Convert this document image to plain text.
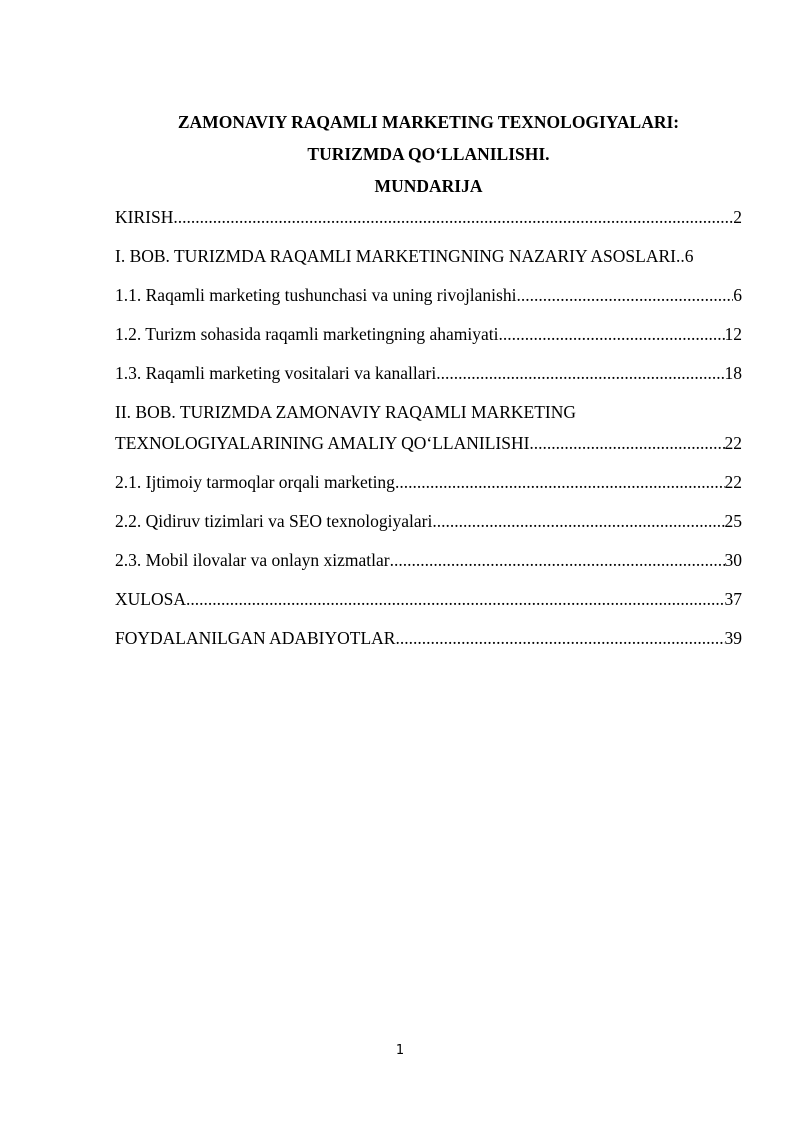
ZAMONAVIY RAQAMLI MARKETING TEXNOLOGIYALARI:
TURIZMDA QO‘LLANILISHI.
MUNDARIJA
KIRISH .....	2
I. BOB. TURIZMDA RAQAMLI MARKETINGNING NAZARIY ASOSLARI. .6
1.1. Raqamli marketing tushunchasi va uning rivojlanishi .....	6
1.2. Turizm sohasida raqamli marketingning ahamiyati .....	12
1.3. Raqamli marketing vositalari va kanallari .....	18
II. BOB. TURIZMDA ZAMONAVIY RAQAMLI MARKETING
TEXNOLOGIYALARINING AMALIY QO‘LLANILISHI .....	22
2.1. Ijtimoiy tarmoqlar orqali marketing .....	22
2.2. Qidiruv tizimlari va SEO texnologiyalari .....	25
2.3. Mobil ilovalar va onlayn xizmatlar .....	30
XULOSA .....	37
FOYDALANILGAN ADABIYOTLAR .....	39
1
